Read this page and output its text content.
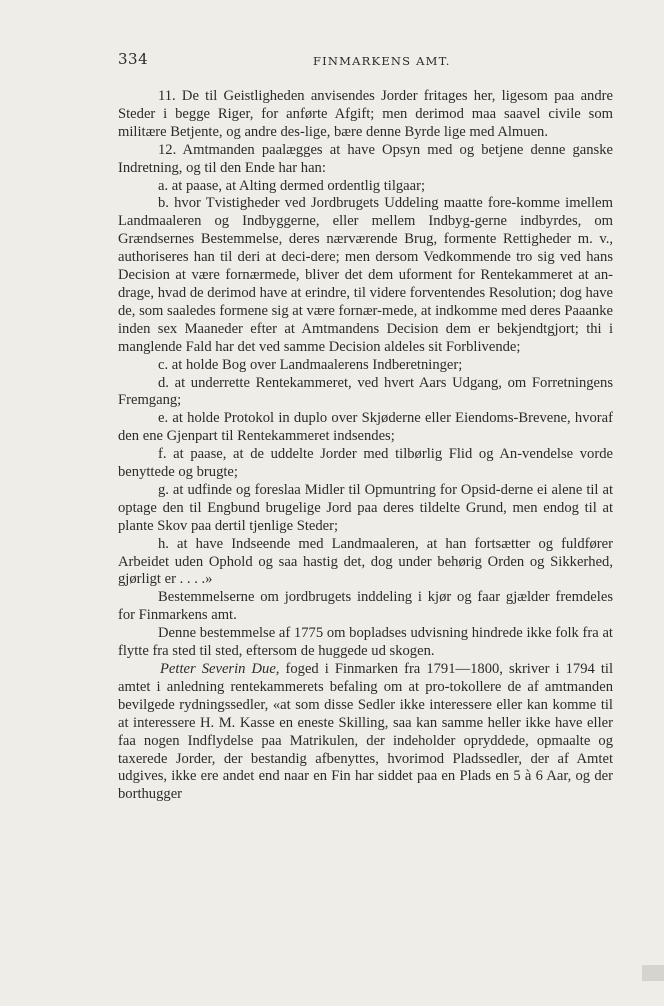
334	FINMARKENS AMT.

11. De til Geistligheden anvisendes Jorder fritages her, ligesom paa andre Steder i begge Riger, for anførte Afgift; men derimod maa saavel civile som militære Betjente, og andre des-lige, bære denne Byrde lige med Almuen.

12. Amtmanden paalægges at have Opsyn med og betjene denne ganske Indretning, og til den Ende har han:

a. at paase, at Alting dermed ordentlig tilgaar;

b. hvor Tvistigheder ved Jordbrugets Uddeling maatte fore-komme imellem Landmaaleren og Indbyggerne, eller mellem Indbyg-gerne indbyrdes, om Grændsernes Bestemmelse, deres nærværende Brug, formente Rettigheder m. v., authoriseres han til deri at deci-dere; men dersom Vedkommende tro sig ved hans Decision at være fornærmede, bliver det dem uforment for Rentekammeret at an-drage, hvad de derimod have at erindre, til videre forventendes Resolution; dog have de, som saaledes formene sig at være fornær-mede, at indkomme med deres Paaanke inden sex Maaneder efter at Amtmandens Decision dem er bekjendtgjort; thi i manglende Fald har det ved samme Decision aldeles sit Forblivende;

c. at holde Bog over Landmaalerens Indberetninger;

d. at underrette Rentekammeret, ved hvert Aars Udgang, om Forretningens Fremgang;

e. at holde Protokol in duplo over Skjøderne eller Eiendoms-Brevene, hvoraf den ene Gjenpart til Rentekammeret indsendes;

f. at paase, at de uddelte Jorder med tilbørlig Flid og An-vendelse vorde benyttede og brugte;

g. at udfinde og foreslaa Midler til Opmuntring for Opsid-derne ei alene til at optage den til Engbund brugelige Jord paa deres tildelte Grund, men endog til at plante Skov paa dertil tjenlige Steder;

h. at have Indseende med Landmaaleren, at han fortsætter og fuldfører Arbeidet uden Ophold og saa hastig det, dog under behørig Orden og Sikkerhed, gjørligt er . . . .»

Bestemmelserne om jordbrugets inddeling i kjør og faar gjælder fremdeles for Finmarkens amt.

Denne bestemmelse af 1775 om bopladses udvisning hindrede ikke folk fra at flytte fra sted til sted, eftersom de huggede ud skogen.

Petter Severin Due, foged i Finmarken fra 1791—1800, skriver i 1794 til amtet i anledning rentekammerets befaling om at pro-tokollere de af amtmanden bevilgede rydningssedler, «at som disse Sedler ikke interessere eller kan komme til at interessere H. M. Kasse en eneste Skilling, saa kan samme heller ikke have eller faa nogen Indflydelse paa Matrikulen, der indeholder opryddede, opmaalte og taxerede Jorder, der bestandig afbenyttes, hvorimod Pladssedler, der af Amtet udgives, ikke ere andet end naar en Fin har siddet paa en Plads en 5 à 6 Aar, og der borthugger
